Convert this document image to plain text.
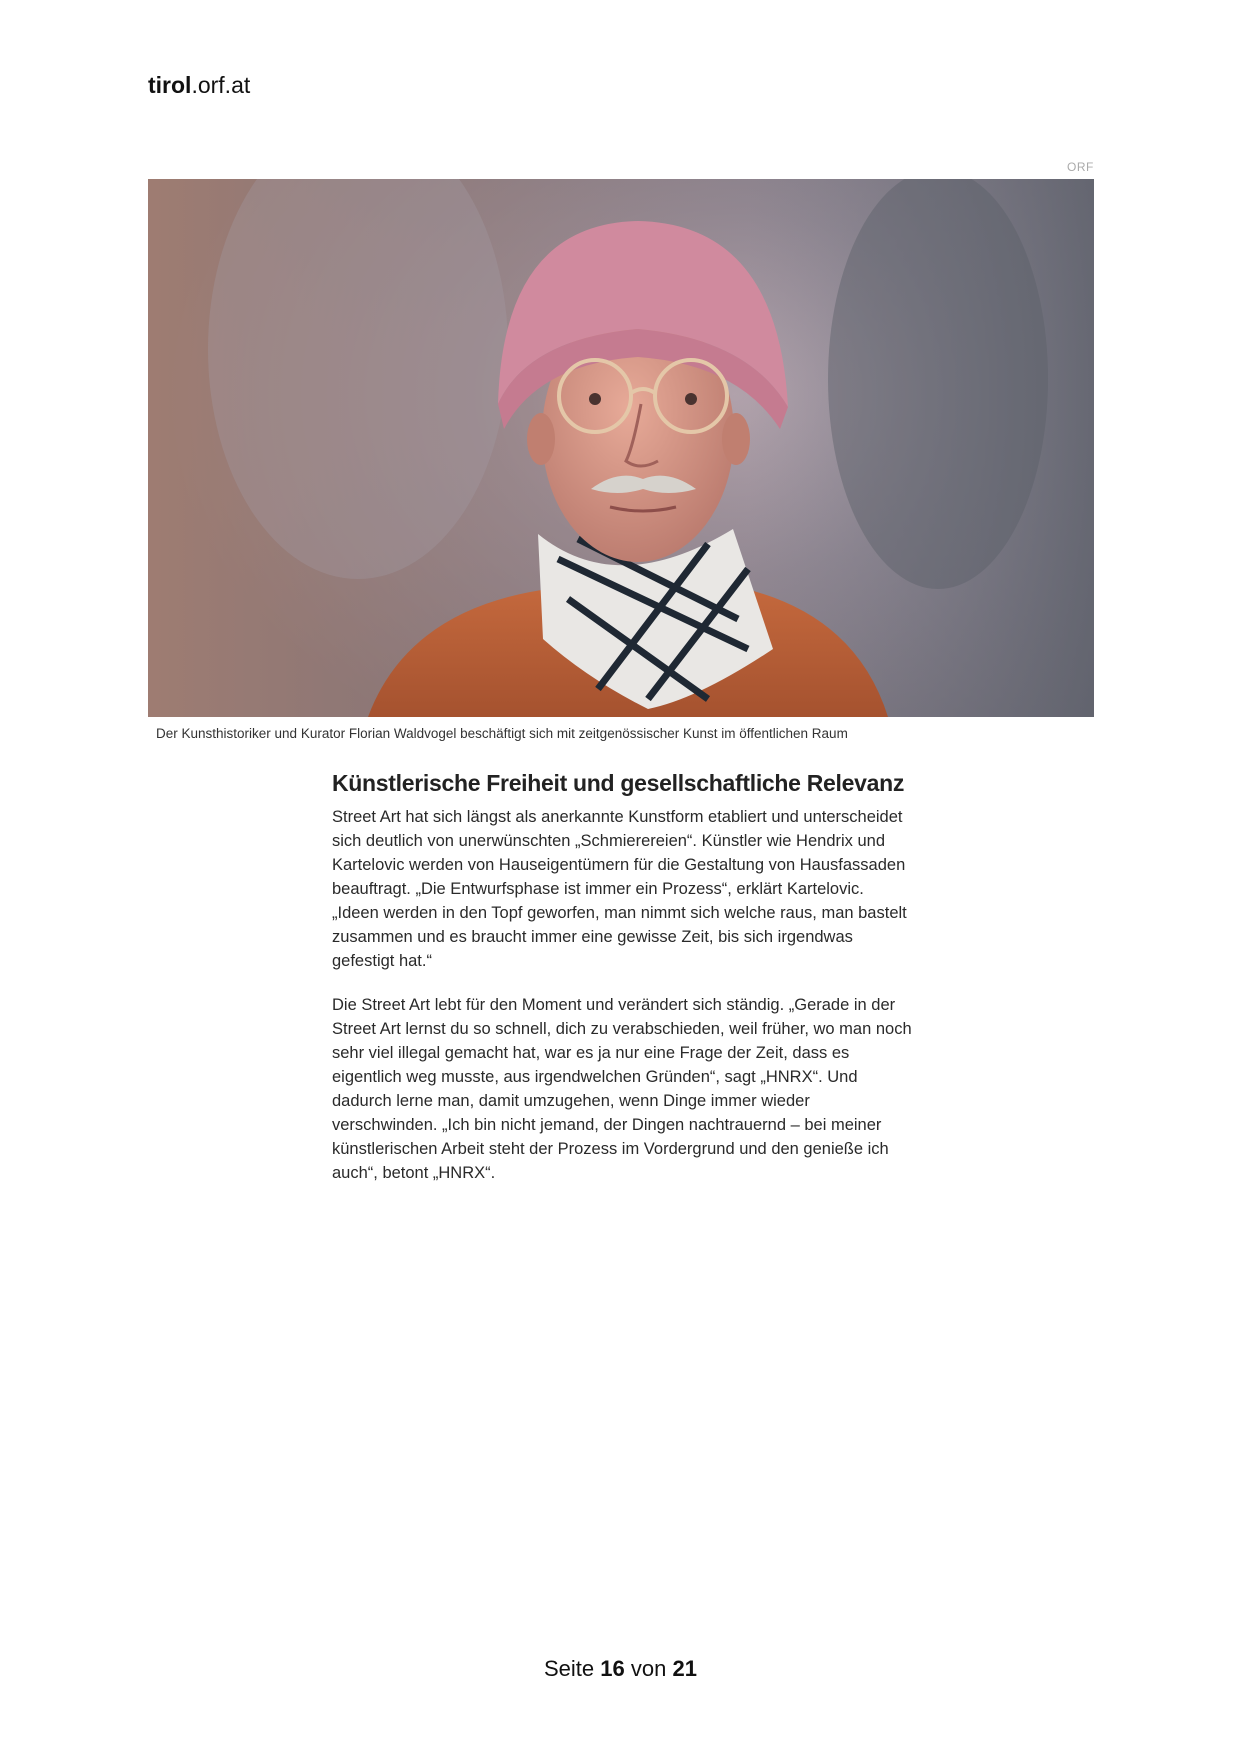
tirol.orf.at
ORF
Der Kunsthistoriker und Kurator Florian Waldvogel beschäftigt sich mit zeitgenössischer Kunst im öffentlichen Raum
Künstlerische Freiheit und gesellschaftliche Relevanz

Street Art hat sich längst als anerkannte Kunstform etabliert und unterscheidet sich deutlich von unerwünschten „Schmierereien“. Künstler wie Hendrix und Kartelovic werden von Hauseigentümern für die Gestaltung von Hausfassaden beauftragt. „Die Entwurfsphase ist immer ein Prozess“, erklärt Kartelovic. „Ideen werden in den Topf geworfen, man nimmt sich welche raus, man bastelt zusammen und es braucht immer eine gewisse Zeit, bis sich irgendwas gefestigt hat.“

Die Street Art lebt für den Moment und verändert sich ständig. „Gerade in der Street Art lernst du so schnell, dich zu verabschieden, weil früher, wo man noch sehr viel illegal gemacht hat, war es ja nur eine Frage der Zeit, dass es eigentlich weg musste, aus irgendwelchen Gründen“, sagt „HNRX“. Und dadurch lerne man, damit umzugehen, wenn Dinge immer wieder verschwinden. „Ich bin nicht jemand, der Dingen nachtrauernd – bei meiner künstlerischen Arbeit steht der Prozess im Vordergrund und den genieße ich auch“, betont „HNRX“.

Seite 16 von 21
